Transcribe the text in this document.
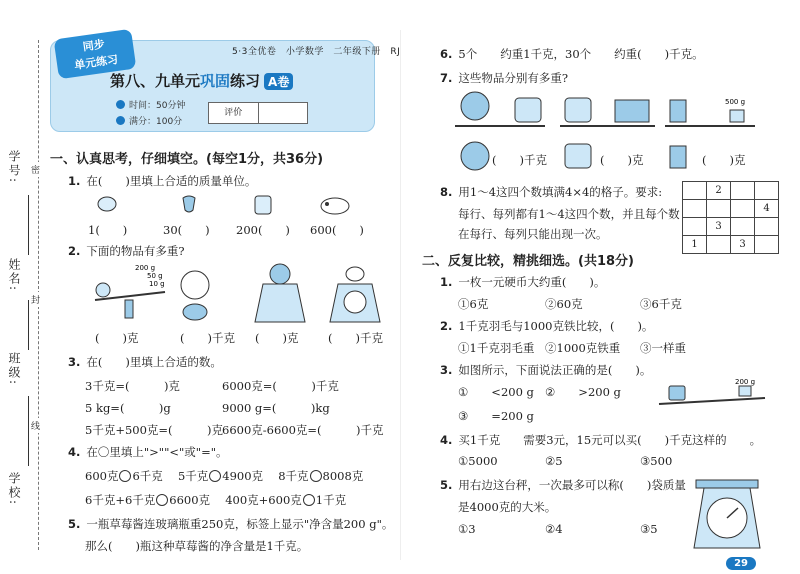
学号:
姓名:
班级:
学校:
密
封
线
同步
单元练习
5·3全优卷　小学数学　二年级下册　RJ
第八、九单元巩固练习 A卷
时间：50分钟
满分：100分
评价
一、认真思考，仔细填空。(每空1分，共36分)
1. 在(　　)里填上合适的质量单位。
1(　　)	30(　　) 200(　　) 600(　　)
2. 下面的物品有多重?
200 g
50 g
10 g
(　　)克	(　　)千克 (　　)克	(　　)千克
3. 在(　　)里填上合适的数。
3千克=(　　　)克	6000克=(　　　)千克
5 kg=(　　　)g	9000 g=(　　　)kg
5千克+500克=(　　　)克
6600克-6600克=(　　　)千克
4. 在〇里填上">""<"或"="。
600克 6千克　 5千克 4900克　 8千克 8008克
6千克+6千克 6600克　 400克+600克 1千克
5. 一瓶草莓酱连玻璃瓶重250克，标签上显示"净含量200 g"。
那么(　　)瓶这种草莓酱的净含量是1千克。
6. 5个　　约重1千克，30个　　约重(　　)千克。
7. 这些物品分别有多重?
500 g
(　　)千克	(　　)克	(　　)克
8. 用1～4这四个数填满4×4的格子。要求:
每行、每列都有1～4这四个数，并且每个数
在每行、每列只能出现一次。
	2		
			4
	3		
1		3	
二、反复比较，精挑细选。(共18分)
1. 一枚一元硬币大约重(　　)。
①6克	②60克	③6千克
2. 1千克羽毛与1000克铁比较，(　　)。
①1千克羽毛重 ②1000克铁重 ③一样重
3. 如图所示，下面说法正确的是(　　)。
①　　<200 g ②　　>200 g
③　　=200 g
200 g
4. 买1千克　　需要3元，15元可以买(　　)千克这样的　　。
①5000	②5	③500
5. 用右边这台秤，一次最多可以称(　　)袋质量
是4000克的大米。
①3	②4	③5
29
